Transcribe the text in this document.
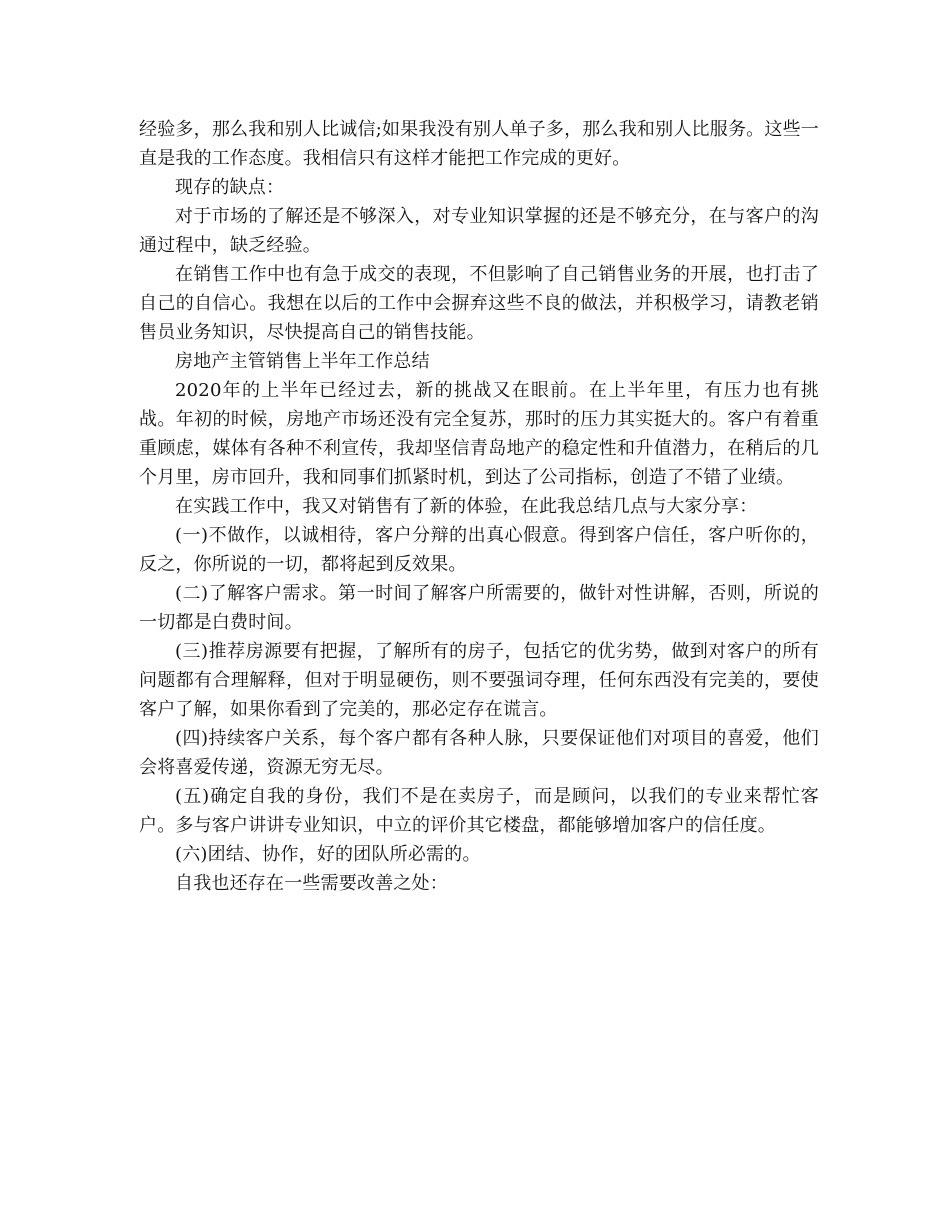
经验多，那么我和别人比诚信;如果我没有别人单子多，那么我和别人比服务。这些一直是我的工作态度。我相信只有这样才能把工作完成的更好。

现存的缺点：

对于市场的了解还是不够深入，对专业知识掌握的还是不够充分，在与客户的沟通过程中，缺乏经验。

在销售工作中也有急于成交的表现，不但影响了自己销售业务的开展，也打击了自己的自信心。我想在以后的工作中会摒弃这些不良的做法，并积极学习，请教老销售员业务知识，尽快提高自己的销售技能。

房地产主管销售上半年工作总结

2020年的上半年已经过去，新的挑战又在眼前。在上半年里，有压力也有挑战。年初的时候，房地产市场还没有完全复苏，那时的压力其实挺大的。客户有着重重顾虑，媒体有各种不利宣传，我却坚信青岛地产的稳定性和升值潜力，在稍后的几个月里，房市回升，我和同事们抓紧时机，到达了公司指标，创造了不错了业绩。

在实践工作中，我又对销售有了新的体验，在此我总结几点与大家分享：

(一)不做作，以诚相待，客户分辩的出真心假意。得到客户信任，客户听你的，反之，你所说的一切，都将起到反效果。

(二)了解客户需求。第一时间了解客户所需要的，做针对性讲解，否则，所说的一切都是白费时间。

(三)推荐房源要有把握，了解所有的房子，包括它的优劣势，做到对客户的所有问题都有合理解释，但对于明显硬伤，则不要强词夺理，任何东西没有完美的，要使客户了解，如果你看到了完美的，那必定存在谎言。

(四)持续客户关系，每个客户都有各种人脉，只要保证他们对项目的喜爱，他们会将喜爱传递，资源无穷无尽。

(五)确定自我的身份，我们不是在卖房子，而是顾问，以我们的专业来帮忙客户。多与客户讲讲专业知识，中立的评价其它楼盘，都能够增加客户的信任度。

(六)团结、协作，好的团队所必需的。

自我也还存在一些需要改善之处：
